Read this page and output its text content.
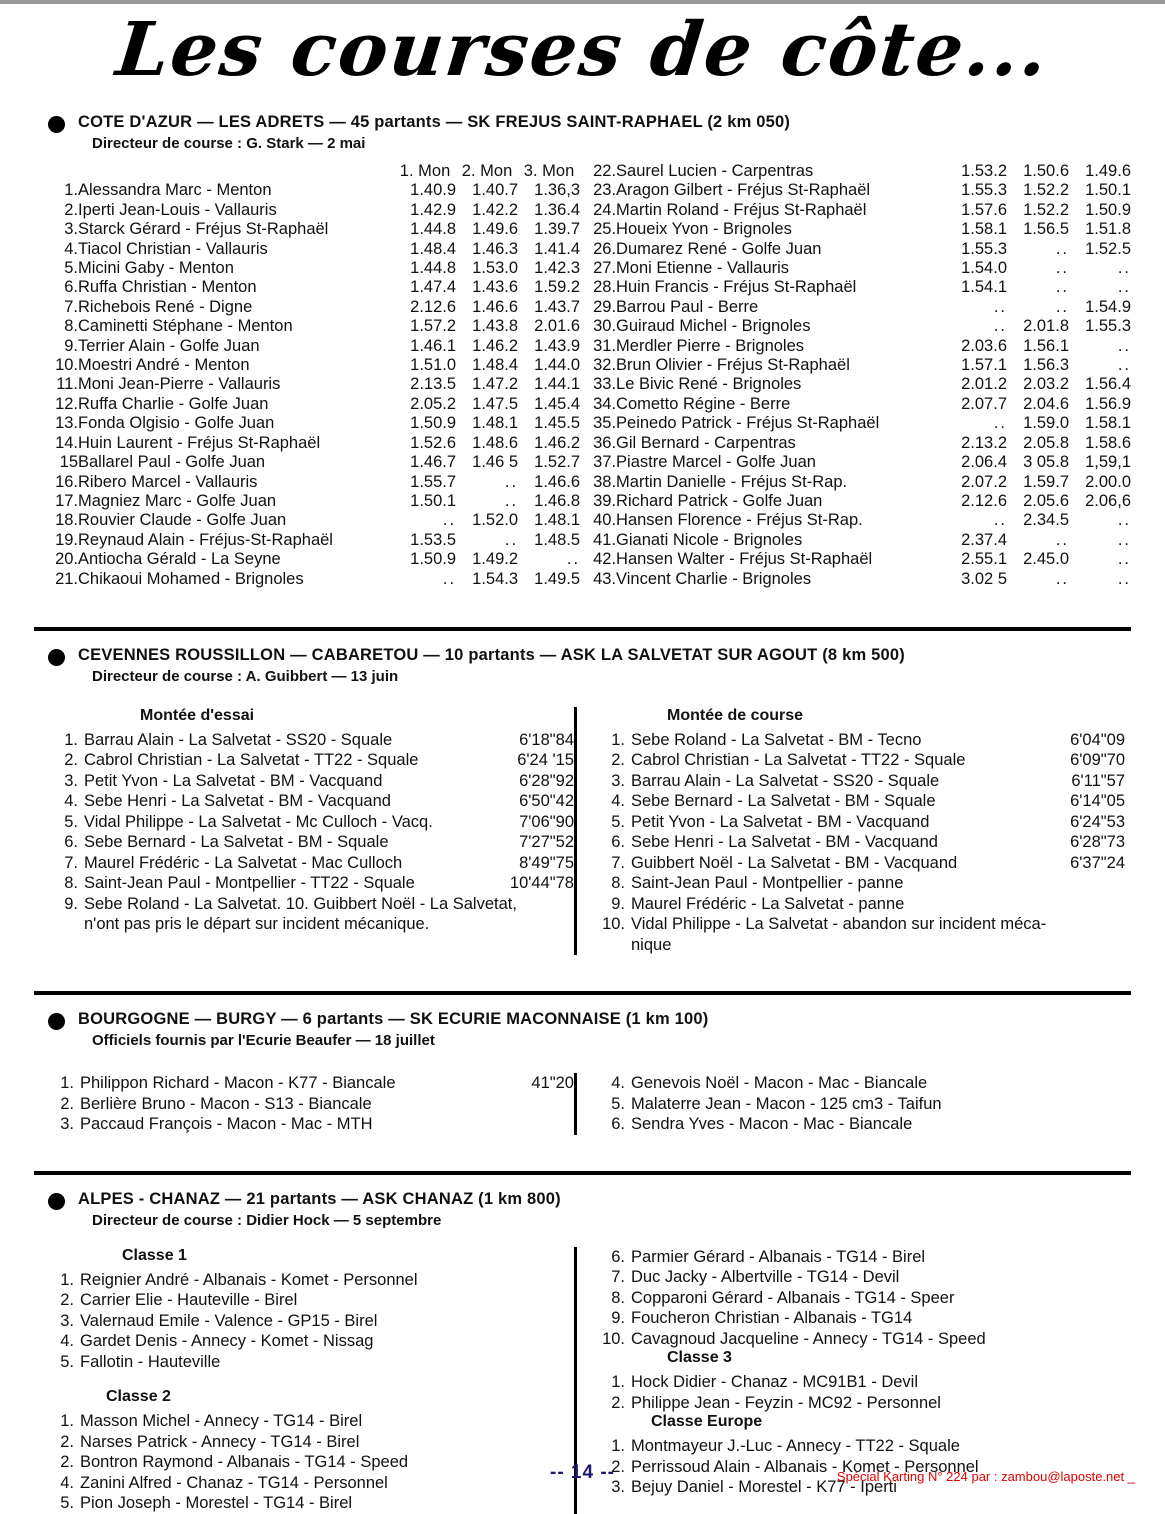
Les courses de côte...
COTE D'AZUR — LES ADRETS — 45 partants — SK FREJUS SAINT-RAPHAEL (2 km 050)
Directeur de course : G. Stark — 2 mai
		1. Mon	2. Mon	3. Mon
1.	Alessandra Marc - Menton	1.40.9	1.40.7	1.36,3
2.	Iperti Jean-Louis - Vallauris	1.42.9	1.42.2	1.36.4
3.	Starck Gérard - Fréjus St-Raphaël	1.44.8	1.49.6	1.39.7
4.	Tiacol Christian - Vallauris	1.48.4	1.46.3	1.41.4
5.	Micini Gaby - Menton	1.44.8	1.53.0	1.42.3
6.	Ruffa Christian - Menton	1.47.4	1.43.6	1.59.2
7.	Richebois René - Digne	2.12.6	1.46.6	1.43.7
8.	Caminetti Stéphane - Menton	1.57.2	1.43.8	2.01.6
9.	Terrier Alain - Golfe Juan	1.46.1	1.46.2	1.43.9
10.	Moestri André - Menton	1.51.0	1.48.4	1.44.0
11.	Moni Jean-Pierre - Vallauris	2.13.5	1.47.2	1.44.1
12.	Ruffa Charlie - Golfe Juan	2.05.2	1.47.5	1.45.4
13.	Fonda Olgisio - Golfe Juan	1.50.9	1.48.1	1.45.5
14.	Huin Laurent - Fréjus St-Raphaël	1.52.6	1.48.6	1.46.2
15	Ballarel Paul - Golfe Juan	1.46.7	1.46 5	1.52.7
16.	Ribero Marcel - Vallauris	1.55.7	..	1.46.6
17.	Magniez Marc - Golfe Juan	1.50.1	..	1.46.8
18.	Rouvier Claude - Golfe Juan	..	1.52.0	1.48.1
19.	Reynaud Alain - Fréjus-St-Raphaël	1.53.5	..	1.48.5
20.	Antiocha Gérald - La Seyne	1.50.9	1.49.2	..
21.	Chikaoui Mohamed - Brignoles	..	1.54.3	1.49.5
22.	Saurel Lucien - Carpentras	1.53.2	1.50.6	1.49.6
23.	Aragon Gilbert - Fréjus St-Raphaël	1.55.3	1.52.2	1.50.1
24.	Martin Roland - Fréjus St-Raphaël	1.57.6	1.52.2	1.50.9
25.	Houeix Yvon - Brignoles	1.58.1	1.56.5	1.51.8
26.	Dumarez René - Golfe Juan	1.55.3	..	1.52.5
27.	Moni Etienne - Vallauris	1.54.0	..	..
28.	Huin Francis - Fréjus St-Raphaël	1.54.1	..	..
29.	Barrou Paul - Berre	..	..	1.54.9
30.	Guiraud Michel - Brignoles	..	2.01.8	1.55.3
31.	Merdler Pierre - Brignoles	2.03.6	1.56.1	..
32.	Brun Olivier - Fréjus St-Raphaël	1.57.1	1.56.3	..
33.	Le Bivic René - Brignoles	2.01.2	2.03.2	1.56.4
34.	Cometto Régine - Berre	2.07.7	2.04.6	1.56.9
35.	Peinedo Patrick - Fréjus St-Raphaël	..	1.59.0	1.58.1
36.	Gil Bernard - Carpentras	2.13.2	2.05.8	1.58.6
37.	Piastre Marcel - Golfe Juan	2.06.4	3 05.8	1,59,1
38.	Martin Danielle - Fréjus St-Rap.	2.07.2	1.59.7	2.00.0
39.	Richard Patrick - Golfe Juan	2.12.6	2.05.6	2.06,6
40.	Hansen Florence - Fréjus St-Rap.	..	2.34.5	..
41.	Gianati Nicole - Brignoles	2.37.4	..	..
42.	Hansen Walter - Fréjus St-Raphaël	2.55.1	2.45.0	..
43.	Vincent Charlie - Brignoles	3.02 5	..	..
CEVENNES ROUSSILLON — CABARETOU — 10 partants — ASK LA SALVETAT SUR AGOUT (8 km 500)
Directeur de course : A. Guibbert — 13 juin
Montée d'essai
1. Barrau Alain - La Salvetat - SS20 - Squale	6'18"84
2. Cabrol Christian - La Salvetat - TT22 - Squale	6'24 '15
3. Petit Yvon - La Salvetat - BM - Vacquand	6'28"92
4. Sebe Henri - La Salvetat - BM - Vacquand	6'50"42
5. Vidal Philippe - La Salvetat - Mc Culloch - Vacq.	7'06"90
6. Sebe Bernard - La Salvetat - BM - Squale	7'27"52
7. Maurel Frédéric - La Salvetat - Mac Culloch	8'49"75
8. Saint-Jean Paul - Montpellier - TT22 - Squale	10'44"78
9. Sebe Roland - La Salvetat. 10. Guibbert Noël - La Salvetat,
n'ont pas pris le départ sur incident mécanique.
Montée de course
1. Sebe Roland - La Salvetat - BM - Tecno	6'04"09
2. Cabrol Christian - La Salvetat - TT22 - Squale	6'09"70
3. Barrau Alain - La Salvetat - SS20 - Squale	6'11"57
4. Sebe Bernard - La Salvetat - BM - Squale	6'14"05
5. Petit Yvon - La Salvetat - BM - Vacquand	6'24"53
6. Sebe Henri - La Salvetat - BM - Vacquand	6'28"73
7. Guibbert Noël - La Salvetat - BM - Vacquand	6'37"24
8. Saint-Jean Paul - Montpellier - panne
9. Maurel Frédéric - La Salvetat - panne
10. Vidal Philippe - La Salvetat - abandon sur incident méca-
nique
BOURGOGNE — BURGY — 6 partants — SK ECURIE MACONNAISE (1 km 100)
Officiels fournis par l'Ecurie Beaufer — 18 juillet
1. Philippon Richard - Macon - K77 - Biancale	41"20
2. Berlière Bruno - Macon - S13 - Biancale
3. Paccaud François - Macon - Mac - MTH
4. Genevois Noël - Macon - Mac - Biancale
5. Malaterre Jean - Macon - 125 cm3 - Taifun
6. Sendra Yves - Macon - Mac - Biancale
ALPES - CHANAZ — 21 partants — ASK CHANAZ (1 km 800)
Directeur de course : Didier Hock — 5 septembre
Classe 1
1. Reignier André - Albanais - Komet - Personnel
2. Carrier Elie - Hauteville - Birel
3. Valernaud Emile - Valence - GP15 - Birel
4. Gardet Denis - Annecy - Komet - Nissag
5. Fallotin - Hauteville
Classe 2
1. Masson Michel - Annecy - TG14 - Birel
2. Narses Patrick - Annecy - TG14 - Birel
2. Bontron Raymond - Albanais - TG14 - Speed
4. Zanini Alfred - Chanaz - TG14 - Personnel
5. Pion Joseph - Morestel - TG14 - Birel
6. Parmier Gérard - Albanais - TG14 - Birel
7. Duc Jacky - Albertville - TG14 - Devil
8. Copparoni Gérard - Albanais - TG14 - Speer
9. Foucheron Christian - Albanais - TG14
10. Cavagnoud Jacqueline - Annecy - TG14 - Speed
Classe 3
1. Hock Didier - Chanaz - MC91B1 - Devil
2. Philippe Jean - Feyzin - MC92 - Personnel
Classe Europe
1. Montmayeur J.-Luc - Annecy - TT22 - Squale
2. Perrissoud Alain - Albanais - Komet - Personnel
3. Bejuy Daniel - Morestel - K77 - Iperti
-- 14 --	Spécial Karting N° 224 par : zambou@laposte.net _
